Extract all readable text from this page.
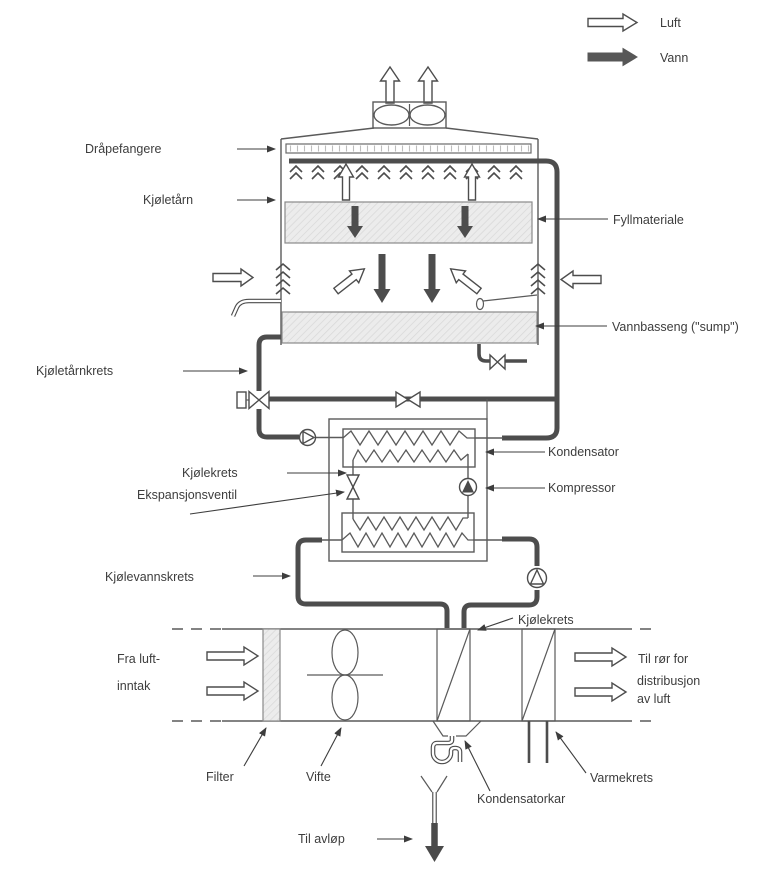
Luft
Vann
Dråpefangere
Kjøletårn
Fyllmateriale
Vannbasseng ("sump")
Kjøletårnkrets
Kjølekrets
Ekspansjonsventil
Kondensator
Kompressor
Kjølevannskrets
Kjølekrets
Fra luft-
inntak
Til rør for
distribusjon
av luft
Filter	Vifte
Kondensatorkar
Varmekrets
Til avløp
